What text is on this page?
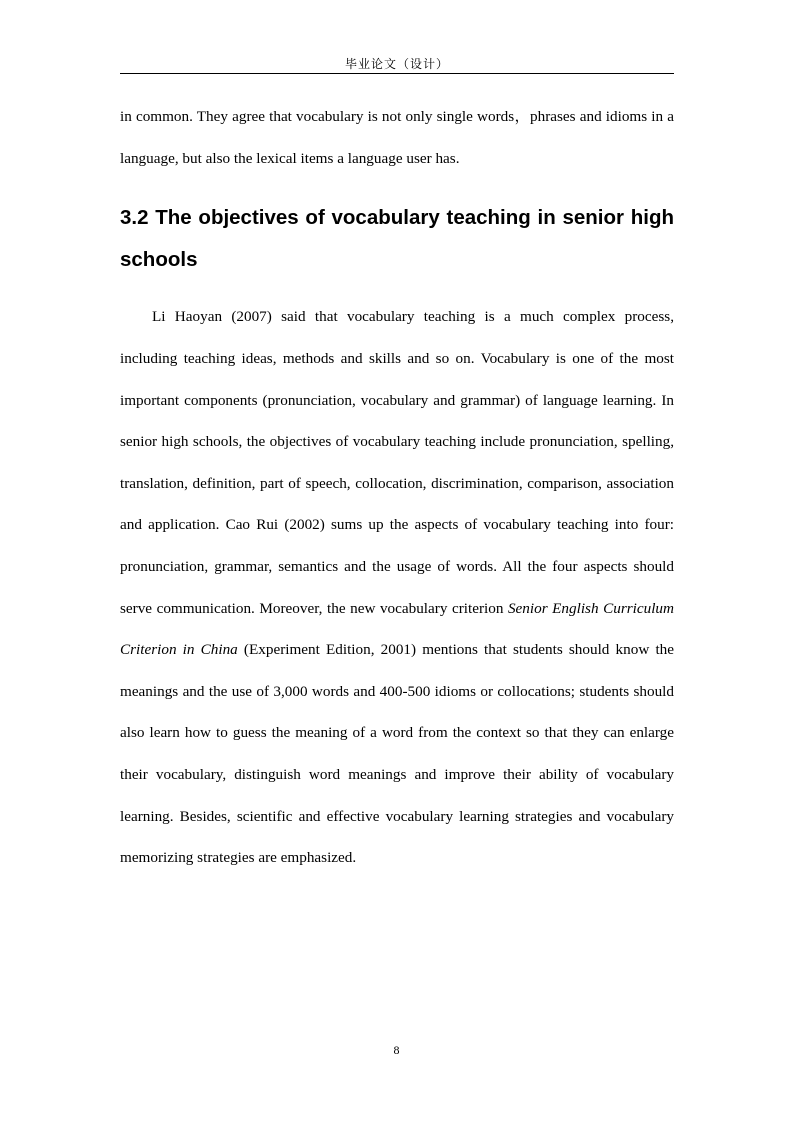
毕业论文（设计）

in common. They agree that vocabulary is not only single words，phrases and idioms in a language, but also the lexical items a language user has.

3.2 The objectives of vocabulary teaching in senior high schools

Li Haoyan (2007) said that vocabulary teaching is a much complex process, including teaching ideas, methods and skills and so on. Vocabulary is one of the most important components (pronunciation, vocabulary and grammar) of language learning. In senior high schools, the objectives of vocabulary teaching include pronunciation, spelling, translation, definition, part of speech, collocation, discrimination, comparison, association and application. Cao Rui (2002) sums up the aspects of vocabulary teaching into four: pronunciation, grammar, semantics and the usage of words. All the four aspects should serve communication. Moreover, the new vocabulary criterion Senior English Curriculum Criterion in China (Experiment Edition, 2001) mentions that students should know the meanings and the use of 3,000 words and 400-500 idioms or collocations; students should also learn how to guess the meaning of a word from the context so that they can enlarge their vocabulary, distinguish word meanings and improve their ability of vocabulary learning. Besides, scientific and effective vocabulary learning strategies and vocabulary memorizing strategies are emphasized.

8
